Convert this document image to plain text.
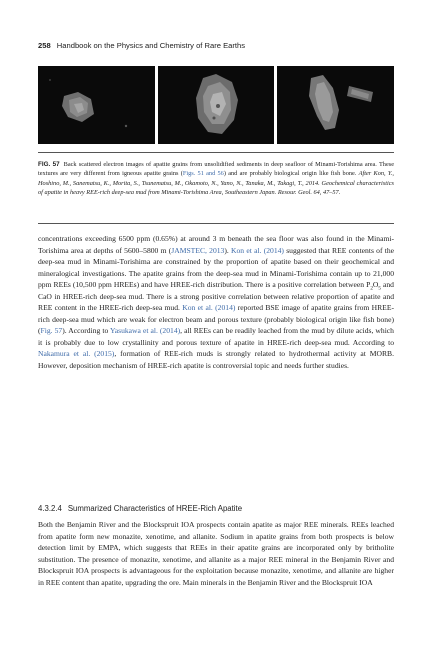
258 Handbook on the Physics and Chemistry of Rare Earths
FIG. 57 Back scattered electron images of apatite grains from unsolidified sediments in deep seafloor of Minami-Torishima area. These textures are very different from igneous apatite grains (Figs. 51 and 56) and are probably biological origin like fish bone. After Kon, Y., Hoshino, M., Sanematsu, K., Morita, S., Tsunematsu, M., Okamoto, N., Yano, N., Tanaka, M., Takagi, T., 2014. Geochemical characteristics of apatite in heavy REE-rich deep-sea mud from Minami-Torishima Area, Southeastern Japan. Resour. Geol. 64, 47–57.

concentrations exceeding 6500 ppm (0.65%) at around 3 m beneath the sea floor was also found in the Minami-Torishima area at depths of 5600–5800 m (JAMSTEC, 2013). Kon et al. (2014) suggested that REE contents of the deep-sea mud in Minami-Torishima are constrained by the proportion of apatite based on their geochemical and mineralogical investigations. The apatite grains from the deep-sea mud in Minami-Torishima contain up to 21,000 ppm REEs (10,500 ppm HREEs) and have HREE-rich distribution. There is a positive correlation between $P_2O_5$ and CaO in HREE-rich deep-sea mud. There is a strong positive correlation between relative proportion of apatite and REE content in the HREE-rich deep-sea mud. Kon et al. (2014) reported BSE image of apatite grains from HREE-rich deep-sea mud which are weak for electron beam and porous texture (probably biological origin like fish bone) (Fig. 57). According to Yasukawa et al. (2014), all REEs can be readily leached from the mud by dilute acids, which it is probably due to low crystallinity and porous texture of apatite in HREE-rich deep-sea mud. According to Nakamura et al. (2015), formation of REE-rich muds is strongly related to hydrothermal activity at MORB. However, deposition mechanism of HREE-rich apatite is controversial topic and needs further studies.

4.3.2.4 Summarized Characteristics of HREE-Rich Apatite

Both the Benjamin River and the Blockspruit IOA prospects contain apatite as major REE minerals. REEs leached from apatite form new monazite, xenotime, and allanite. Sodium in apatite grains from both prospects is below detection limit by EMPA, which suggests that REEs in their apatite grains are incorporated only by britholite substitution. The presence of monazite, xenotime, and allanite as a major REE mineral in the Benjamin River and Blockspruit IOA prospects is advantageous for the exploitation because monazite, xenotime, and allanite are higher in REE content than apatite, upgrading the ore. Main minerals in the Benjamin River and the Blockspruit IOA
